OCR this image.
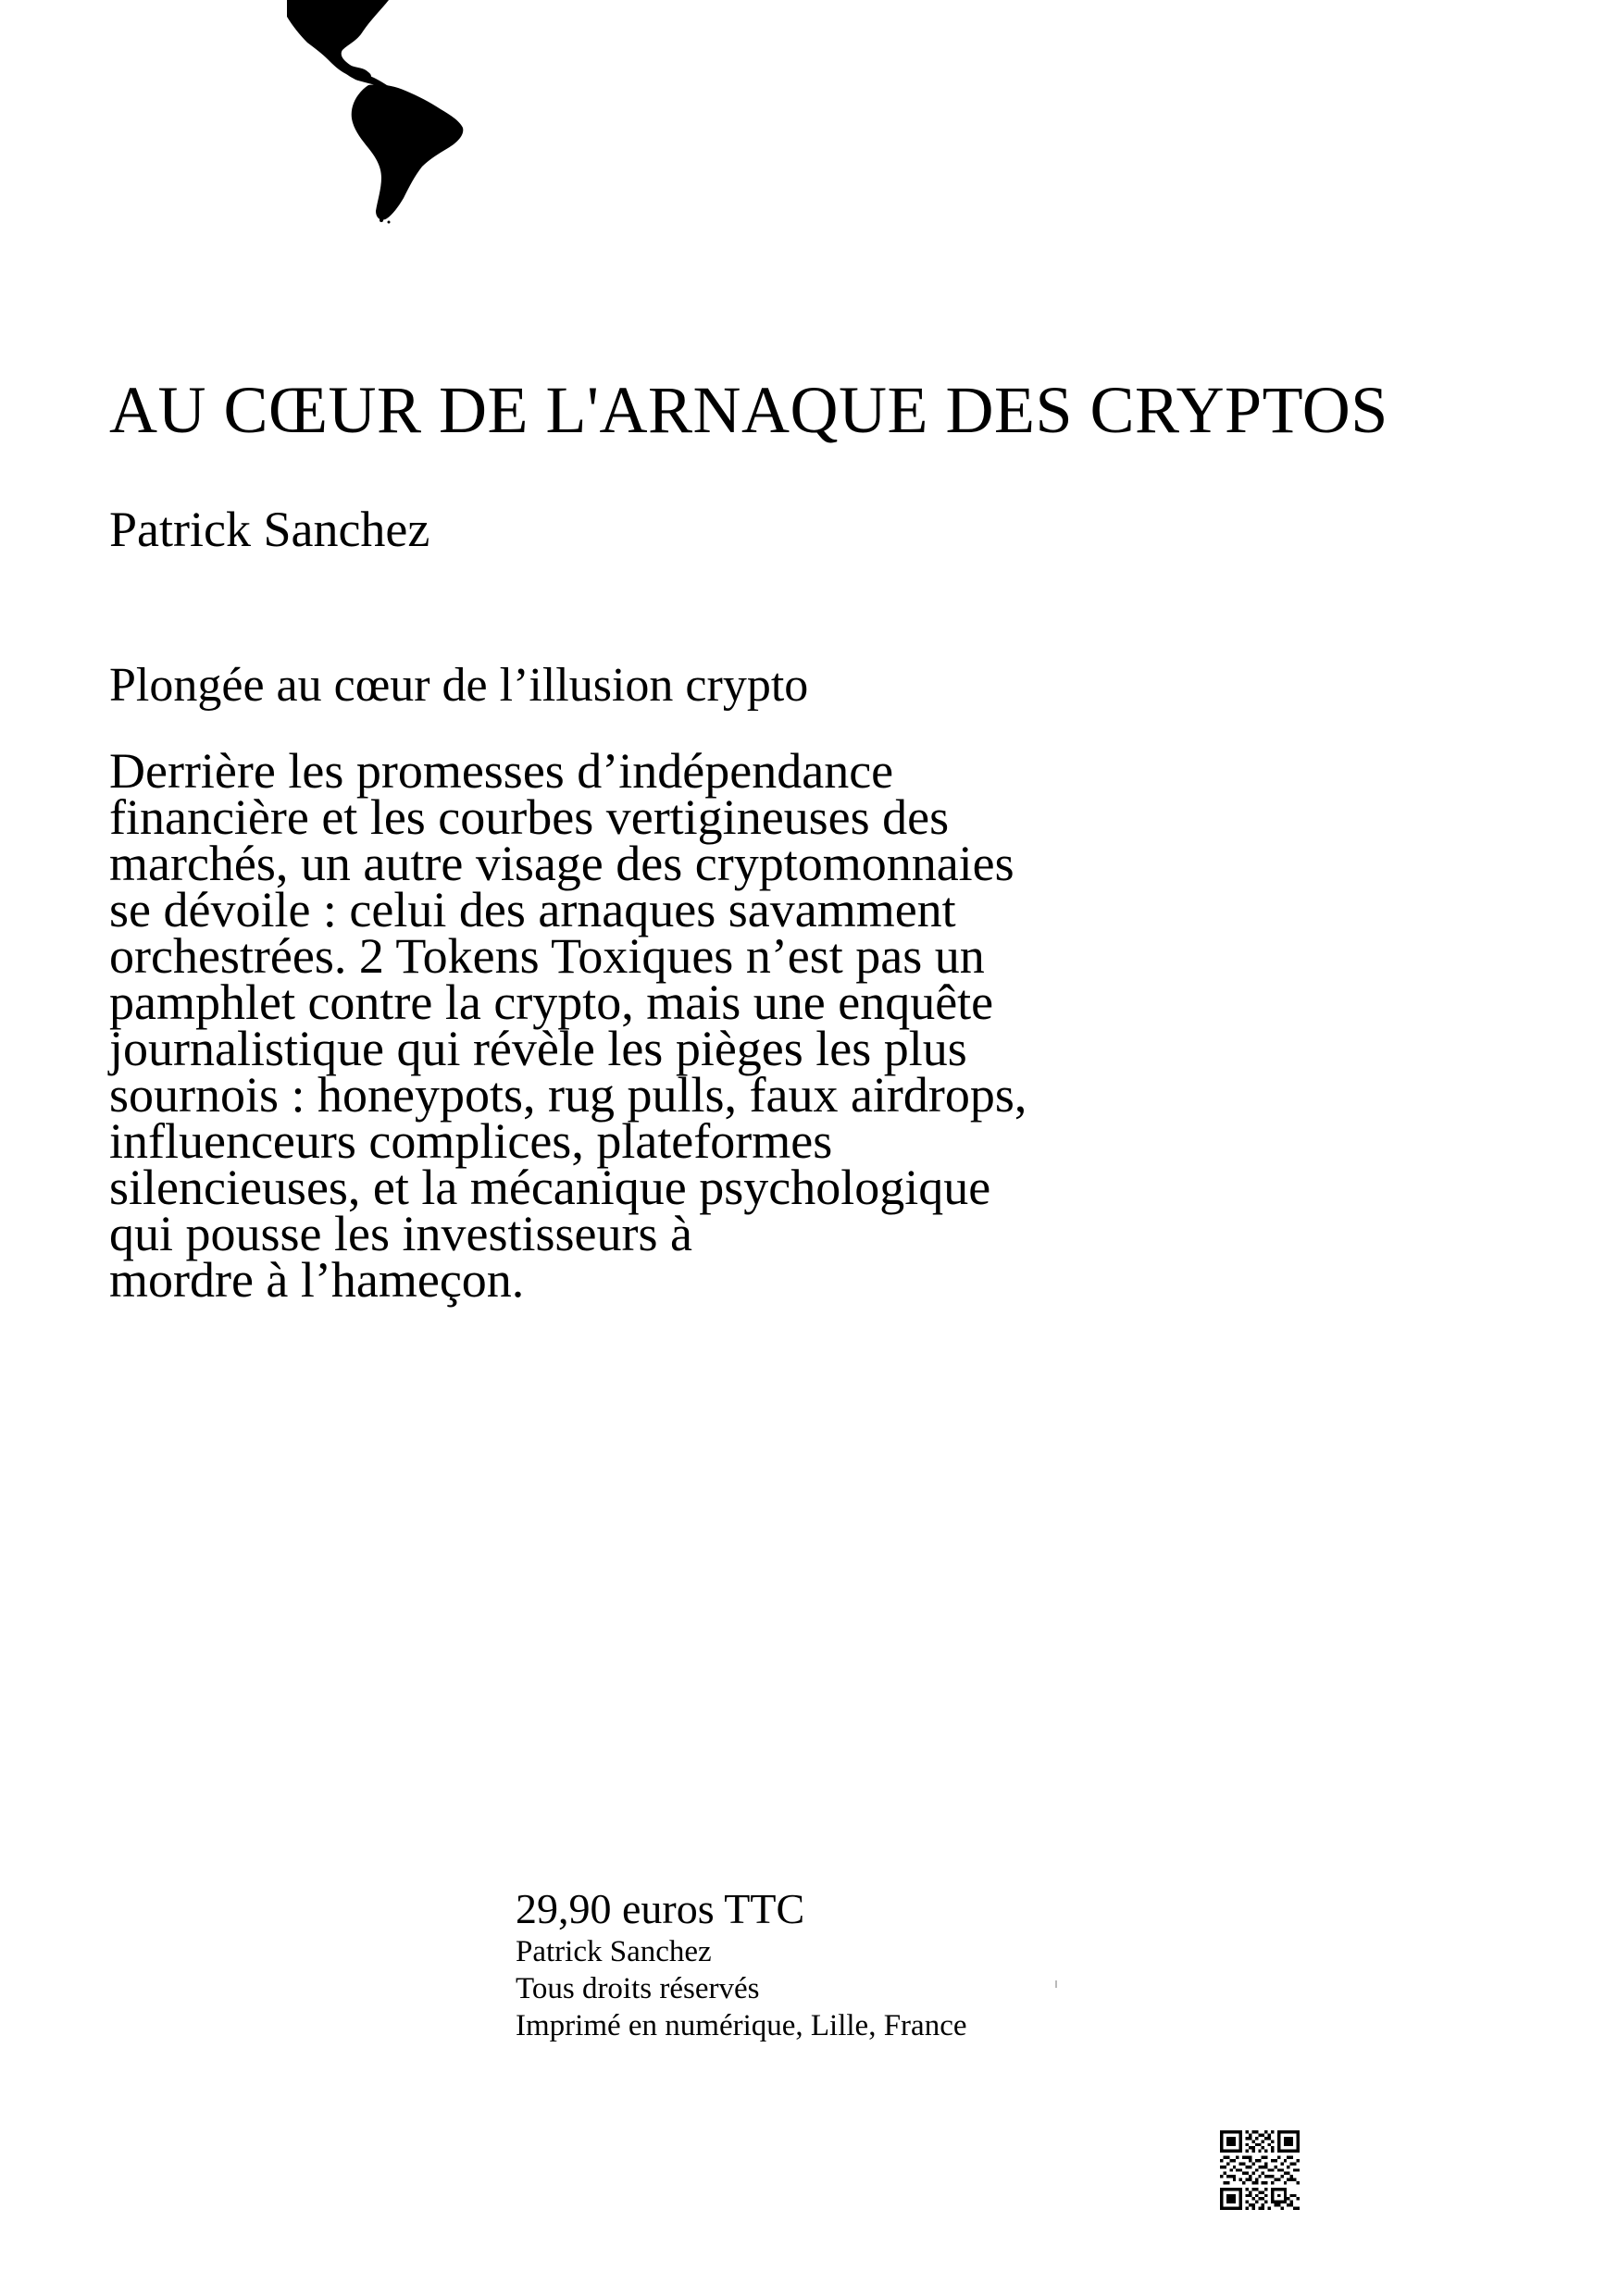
AU CŒUR DE L'ARNAQUE DES CRYPTOS

Patrick Sanchez

Plongée au cœur de l’illusion crypto

Derrière les promesses d’indépendance
financière et les courbes vertigineuses des
marchés, un autre visage des cryptomonnaies
se dévoile : celui des arnaques savamment
orchestrées. 2 Tokens Toxiques n’est pas un
pamphlet contre la crypto, mais une enquête
journalistique qui révèle les pièges les plus
sournois : honeypots, rug pulls, faux airdrops,
influenceurs complices, plateformes
silencieuses, et la mécanique psychologique
qui pousse les investisseurs à
mordre à l’hameçon.

29,90 euros TTC

Patrick Sanchez

Tous droits réservés

Imprimé en numérique, Lille, France
